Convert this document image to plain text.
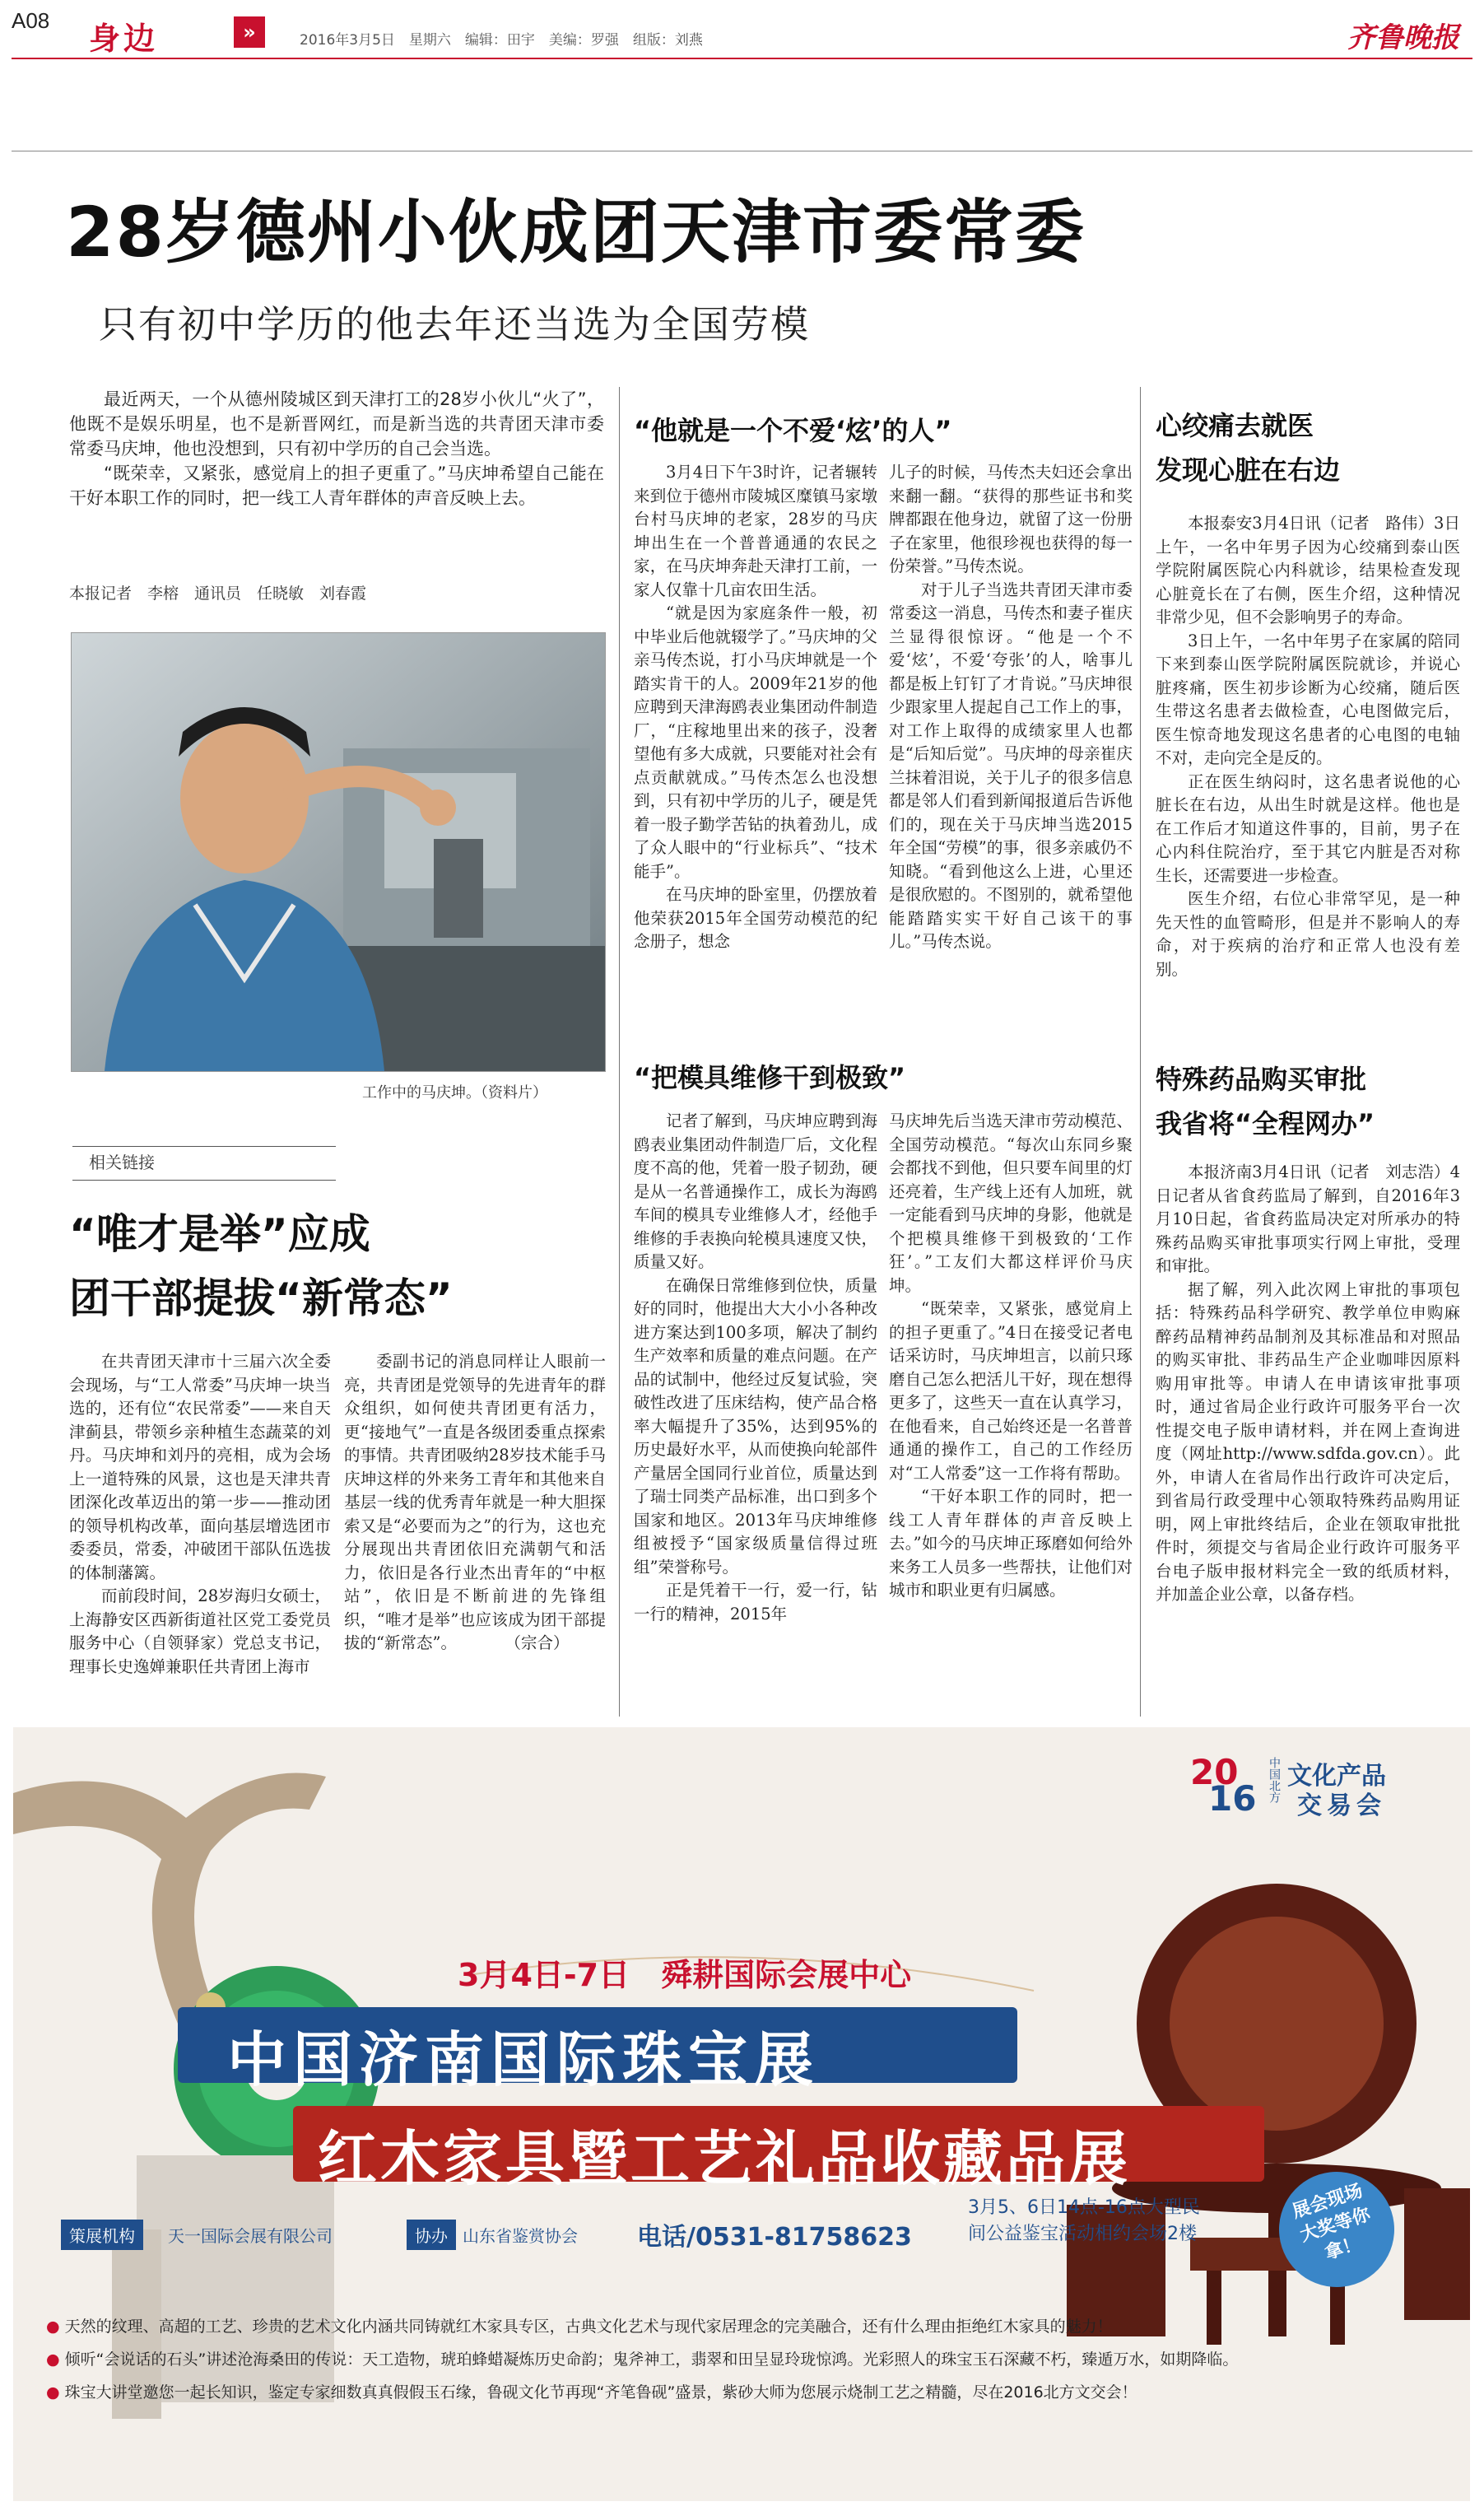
A08 身边	»	2016年3月5日　星期六　编辑：田宇　美编：罗强　组版：刘燕	齐鲁晚报
28岁德州小伙成团天津市委常委
只有初中学历的他去年还当选为全国劳模

最近两天，一个从德州陵城区到天津打工的28岁小伙儿“火了”，他既不是娱乐明星，也不是新晋网红，而是新当选的共青团天津市委常委马庆坤，他也没想到，只有初中学历的自己会当选。

“既荣幸，又紧张，感觉肩上的担子更重了。”马庆坤希望自己能在干好本职工作的同时，把一线工人青年群体的声音反映上去。

本报记者　李榕　通讯员　任晓敏　刘春霞
工作中的马庆坤。（资料片）
相关链接
“唯才是举”应成
团干部提拔“新常态”

在共青团天津市十三届六次全委会现场，与“工人常委”马庆坤一块当选的，还有位“农民常委”——来自天津蓟县，带领乡亲种植生态蔬菜的刘丹。马庆坤和刘丹的亮相，成为会场上一道特殊的风景，这也是天津共青团深化改革迈出的第一步——推动团的领导机构改革，面向基层增选团市委委员，常委，冲破团干部队伍选拔的体制藩篱。

而前段时间，28岁海归女硕士，上海静安区西新街道社区党工委党员服务中心（自领驿家）党总支书记，理事长史逸婵兼职任共青团上海市

委副书记的消息同样让人眼前一亮，共青团是党领导的先进青年的群众组织，如何使共青团更有活力，更“接地气”一直是各级团委重点探索的事情。共青团吸纳28岁技术能手马庆坤这样的外来务工青年和其他来自基层一线的优秀青年就是一种大胆探索又是“必要而为之”的行为，这也充分展现出共青团依旧充满朝气和活力，依旧是各行业杰出青年的“中枢站”，依旧是不断前进的先锋组织，“唯才是举”也应该成为团干部提拔的“新常态”。　　　　（宗合）

“他就是一个不爱‘炫’的人”

3月4日下午3时许，记者辗转来到位于德州市陵城区糜镇马家墩台村马庆坤的老家，28岁的马庆坤出生在一个普普通通的农民之家，在马庆坤奔赴天津打工前，一家人仅靠十几亩农田生活。

“就是因为家庭条件一般，初中毕业后他就辍学了。”马庆坤的父亲马传杰说，打小马庆坤就是一个踏实肯干的人。2009年21岁的他应聘到天津海鸥表业集团动件制造厂，“庄稼地里出来的孩子，没奢望他有多大成就，只要能对社会有点贡献就成。”马传杰怎么也没想到，只有初中学历的儿子，硬是凭着一股子勤学苦钻的执着劲儿，成了众人眼中的“行业标兵”、“技术能手”。

在马庆坤的卧室里，仍摆放着他荣获2015年全国劳动模范的纪念册子，想念

儿子的时候，马传杰夫妇还会拿出来翻一翻。“获得的那些证书和奖牌都跟在他身边，就留了这一份册子在家里，他很珍视也获得的每一份荣誉。”马传杰说。

对于儿子当选共青团天津市委常委这一消息，马传杰和妻子崔庆兰显得很惊讶。“他是一个不爱‘炫’，不爱‘夸张’的人，啥事儿都是板上钉钉了才肯说。”马庆坤很少跟家里人提起自己工作上的事，对工作上取得的成绩家里人也都是“后知后觉”。马庆坤的母亲崔庆兰抹着泪说，关于儿子的很多信息都是邻人们看到新闻报道后告诉他们的，现在关于马庆坤当选2015年全国“劳模”的事，很多亲戚仍不知晓。“看到他这么上进，心里还是很欣慰的。不图别的，就希望他能踏踏实实干好自己该干的事儿。”马传杰说。

“把模具维修干到极致”

记者了解到，马庆坤应聘到海鸥表业集团动件制造厂后，文化程度不高的他，凭着一股子韧劲，硬是从一名普通操作工，成长为海鸥车间的模具专业维修人才，经他手维修的手表换向轮模具速度又快，质量又好。

在确保日常维修到位快，质量好的同时，他提出大大小小各种改进方案达到100多项，解决了制约生产效率和质量的难点问题。在产品的试制中，他经过反复试验，突破性改进了压床结构，使产品合格率大幅提升了35%，达到95%的历史最好水平，从而使换向轮部件产量居全国同行业首位，质量达到了瑞士同类产品标准，出口到多个国家和地区。2013年马庆坤维修组被授予“国家级质量信得过班组”荣誉称号。

正是凭着干一行，爱一行，钻一行的精神，2015年

马庆坤先后当选天津市劳动模范、全国劳动模范。“每次山东同乡聚会都找不到他，但只要车间里的灯还亮着，生产线上还有人加班，就一定能看到马庆坤的身影，他就是个把模具维修干到极致的‘工作狂’。”工友们大都这样评价马庆坤。

“既荣幸，又紧张，感觉肩上的担子更重了。”4日在接受记者电话采访时，马庆坤坦言，以前只琢磨自己怎么把活儿干好，现在想得更多了，这些天一直在认真学习，在他看来，自己始终还是一名普普通通的操作工，自己的工作经历对“工人常委”这一工作将有帮助。

“干好本职工作的同时，把一线工人青年群体的声音反映上去。”如今的马庆坤正琢磨如何给外来务工人员多一些帮扶，让他们对城市和职业更有归属感。

心绞痛去就医
发现心脏在右边

本报泰安3月4日讯（记者　路伟）3日上午，一名中年男子因为心绞痛到泰山医学院附属医院心内科就诊，结果检查发现心脏竟长在了右侧，医生介绍，这种情况非常少见，但不会影响男子的寿命。

3日上午，一名中年男子在家属的陪同下来到泰山医学院附属医院就诊，并说心脏疼痛，医生初步诊断为心绞痛，随后医生带这名患者去做检查，心电图做完后，医生惊奇地发现这名患者的心电图的电轴不对，走向完全是反的。

正在医生纳闷时，这名患者说他的心脏长在右边，从出生时就是这样。他也是在工作后才知道这件事的，目前，男子在心内科住院治疗，至于其它内脏是否对称生长，还需要进一步检查。

医生介绍，右位心非常罕见，是一种先天性的血管畸形，但是并不影响人的寿命，对于疾病的治疗和正常人也没有差别。

特殊药品购买审批
我省将“全程网办”

本报济南3月4日讯（记者　刘志浩）4日记者从省食药监局了解到，自2016年3月10日起，省食药监局决定对所承办的特殊药品购买审批事项实行网上审批，受理和审批。

据了解，列入此次网上审批的事项包括：特殊药品科学研究、教学单位申购麻醉药品精神药品制剂及其标准品和对照品的购买审批、非药品生产企业咖啡因原料购用审批等。申请人在申请该审批事项时，通过省局企业行政许可服务平台一次性提交电子版申请材料，并在网上查询进度（网址http://www.sdfda.gov.cn）。此外，申请人在省局作出行政许可决定后，到省局行政受理中心领取特殊药品购用证明，网上审批终结后，企业在领取审批批件时，须提交与省局企业行政许可服务平台电子版申报材料完全一致的纸质材料，并加盖企业公章，以备存档。

20
16 中国北方 文化产品
交易会
3月4日-7日　舜耕国际会展中心
中国济南国际珠宝展
红木家具暨工艺礼品收藏品展
策展机构	天一国际会展有限公司	协办 山东省鉴赏协会 电话/0531-81758623
3月5、6日14点-16点大型民
间公益鉴宝活动相约会场2楼
展会现场大奖等你拿！
● 天然的纹理、高超的工艺、珍贵的艺术文化内涵共同铸就红木家具专区，古典文化艺术与现代家居理念的完美融合，还有什么理由拒绝红木家具的魅力！
● 倾听“会说话的石头”讲述沧海桑田的传说：天工造物，琥珀蜂蜡凝炼历史命韵；鬼斧神工，翡翠和田呈显玲珑惊鸿。光彩照人的珠宝玉石深藏不朽，臻遁万水，如期降临。
● 珠宝大讲堂邀您一起长知识，鉴定专家细数真真假假玉石缘，鲁砚文化节再现“齐笔鲁砚”盛景，紫砂大师为您展示烧制工艺之精髓，尽在2016北方文交会！
